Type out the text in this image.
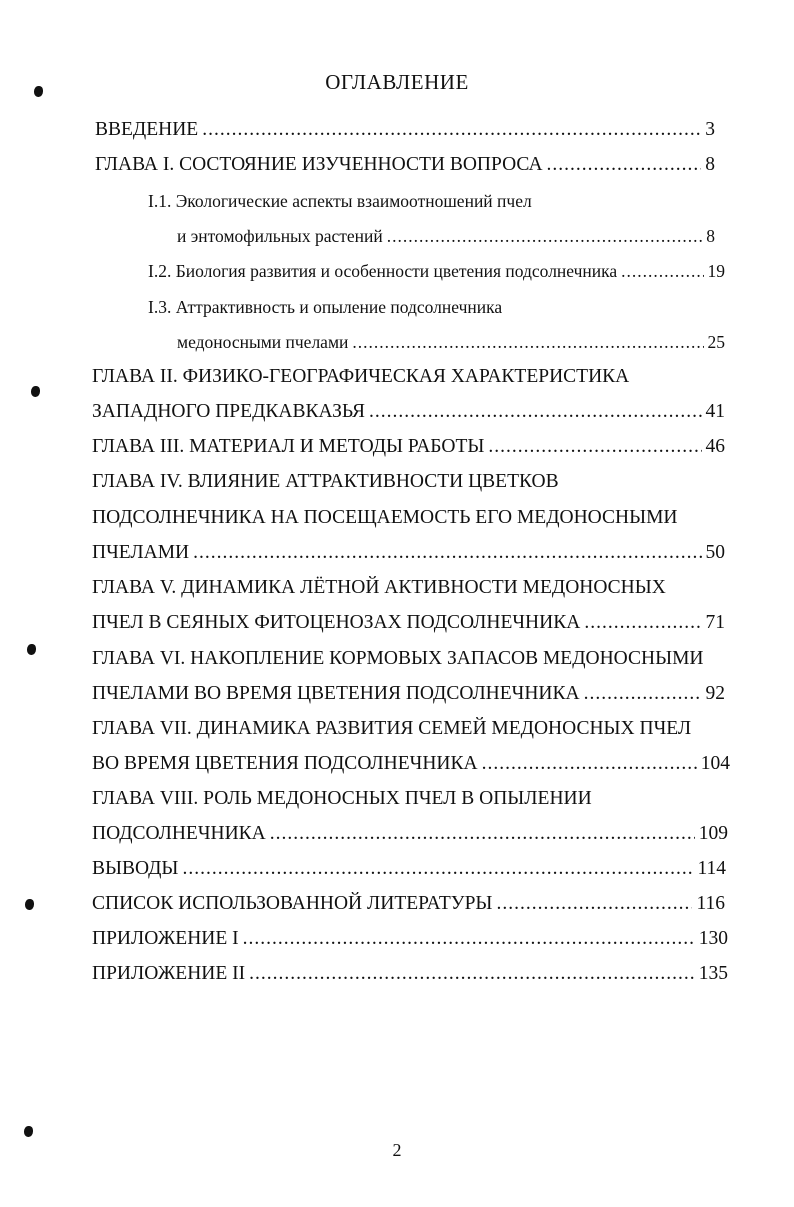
ОГЛАВЛЕНИЕ
ВВЕДЕНИЕ .....	3
ГЛАВА I. СОСТОЯНИЕ ИЗУЧЕННОСТИ ВОПРОСА .....	8
I.1. Экологические аспекты взаимоотношений пчел
и энтомофильных растений .....	8
I.2. Биология развития и особенности цветения подсолнечника .....	19
I.3. Аттрактивность и опыление подсолнечника
медоносными пчелами .....	25
ГЛАВА II. ФИЗИКО-ГЕОГРАФИЧЕСКАЯ ХАРАКТЕРИСТИКА
ЗАПАДНОГО ПРЕДКАВКАЗЬЯ .....	41
ГЛАВА III. МАТЕРИАЛ И МЕТОДЫ РАБОТЫ .....	46
ГЛАВА IV. ВЛИЯНИЕ АТТРАКТИВНОСТИ ЦВЕТКОВ
ПОДСОЛНЕЧНИКА НА ПОСЕЩАЕМОСТЬ ЕГО МЕДОНОСНЫМИ
ПЧЕЛАМИ .....	50
ГЛАВА V. ДИНАМИКА ЛЁТНОЙ АКТИВНОСТИ МЕДОНОСНЫХ
ПЧЕЛ В СЕЯНЫХ ФИТОЦЕНОЗАХ ПОДСОЛНЕЧНИКА .....	71
ГЛАВА VI. НАКОПЛЕНИЕ КОРМОВЫХ ЗАПАСОВ МЕДОНОСНЫМИ
ПЧЕЛАМИ ВО ВРЕМЯ ЦВЕТЕНИЯ ПОДСОЛНЕЧНИКА .....	92
ГЛАВА VII. ДИНАМИКА РАЗВИТИЯ СЕМЕЙ МЕДОНОСНЫХ ПЧЕЛ
ВО ВРЕМЯ ЦВЕТЕНИЯ ПОДСОЛНЕЧНИКА .....	104
ГЛАВА VIII. РОЛЬ МЕДОНОСНЫХ ПЧЕЛ В ОПЫЛЕНИИ
ПОДСОЛНЕЧНИКА .....	109
ВЫВОДЫ .....	114
СПИСОК ИСПОЛЬЗОВАННОЙ ЛИТЕРАТУРЫ .....	116
ПРИЛОЖЕНИЕ I .....	130
ПРИЛОЖЕНИЕ II .....	135
2
